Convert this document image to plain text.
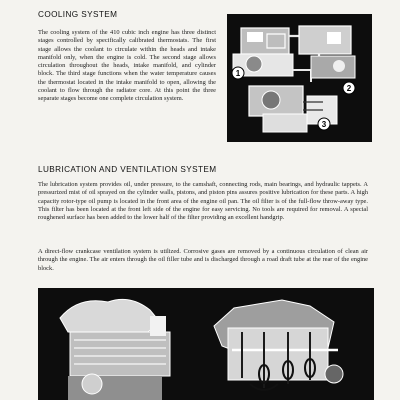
COOLING SYSTEM

The cooling system of the 410 cubic inch engine has three distinct stages controlled by specifically calibrated thermostats. The first stage allows the coolant to circulate within the heads and intake manifold only, when the engine is cold. The second stage allows circulation throughout the heads, intake manifold, and cylinder block. The third stage functions when the water temperature causes the thermostat located in the intake manifold to open, allowing the coolant to flow through the radiator core. At this point the three separate stages become one complete circulation system.

1
2
3
LUBRICATION AND VENTILATION SYSTEM

The lubrication system provides oil, under pressure, to the camshaft, connecting rods, main bearings, and hydraulic tappets. A pressurized mist of oil sprayed on the cylinder walls, pistons, and piston pins assures positive lubrication for these parts. A high capacity rotor-type oil pump is located in the front area of the engine oil pan. The oil filter is of the full-flow throw-away type. This filter has been located at the front left side of the engine for easy servicing. No tools are required for removal. A special roughened surface has been added to the lower half of the filter providing an excellent handgrip.

A direct-flow crankcase ventilation system is utilized. Corrosive gases are removed by a continuous circulation of clean air through the engine. The air enters through the oil filler tube and is discharged through a road draft tube at the rear of the engine block.
